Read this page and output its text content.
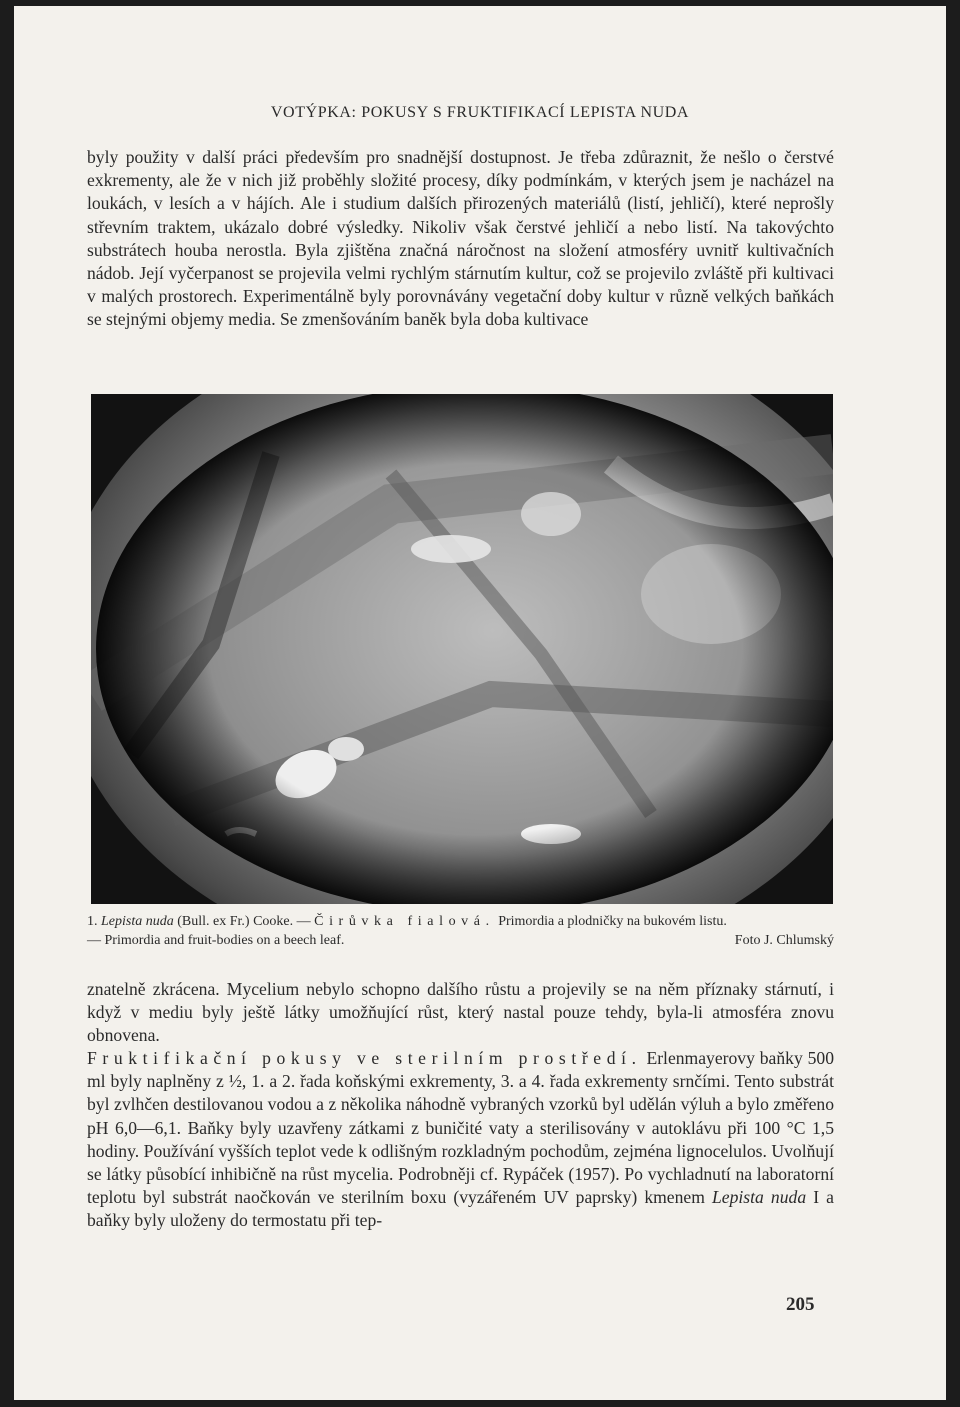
VOTÝPKA: POKUSY S FRUKTIFIKACÍ LEPISTA NUDA

byly použity v další práci především pro snadnější dostupnost. Je třeba zdůraznit, že nešlo o čerstvé exkrementy, ale že v nich již proběhly složité procesy, díky podmínkám, v kterých jsem je nacházel na loukách, v lesích a v hájích. Ale i studium dalších přirozených materiálů (listí, jehličí), které neprošly střevním traktem, ukázalo dobré výsledky. Nikoliv však čerstvé jehličí a nebo listí. Na takovýchto substrátech houba nerostla. Byla zjištěna značná náročnost na složení atmosféry uvnitř kultivačních nádob. Její vyčerpanost se projevila velmi rychlým stárnutím kultur, což se projevilo zvláště při kultivaci v malých prostorech. Experimentálně byly porovnávány vegetační doby kultur v různě velkých baňkách se stejnými objemy media. Se zmenšováním baněk byla doba kultivace

1. Lepista nuda (Bull. ex Fr.) Cooke. — Čirůvka fialová. Primordia a plodničky na bukovém listu.
— Primordia and fruit-bodies on a beech leaf.	Foto J. Chlumský

znatelně zkrácena. Mycelium nebylo schopno dalšího růstu a projevily se na něm příznaky stárnutí, i když v mediu byly ještě látky umožňující růst, který nastal pouze tehdy, byla-li atmosféra znovu obnovena.

Fruktifikační pokusy ve sterilním prostředí. Erlenmayerovy baňky 500 ml byly naplněny z ½, 1. a 2. řada koňskými exkrementy, 3. a 4. řada exkrementy srnčími. Tento substrát byl zvlhčen destilovanou vodou a z několika náhodně vybraných vzorků byl udělán výluh a bylo změřeno pH 6,0—6,1. Baňky byly uzavřeny zátkami z buničité vaty a sterilisovány v autoklávu při 100 °C 1,5 hodiny. Používání vyšších teplot vede k odlišným rozkladným pochodům, zejména lignocelulos. Uvolňují se látky působící inhibičně na růst mycelia. Podrobněji cf. Rypáček (1957). Po vychladnutí na laboratorní teplotu byl substrát naočkován ve sterilním boxu (vyzářeném UV paprsky) kmenem Lepista nuda I a baňky byly uloženy do termostatu při tep-

205
